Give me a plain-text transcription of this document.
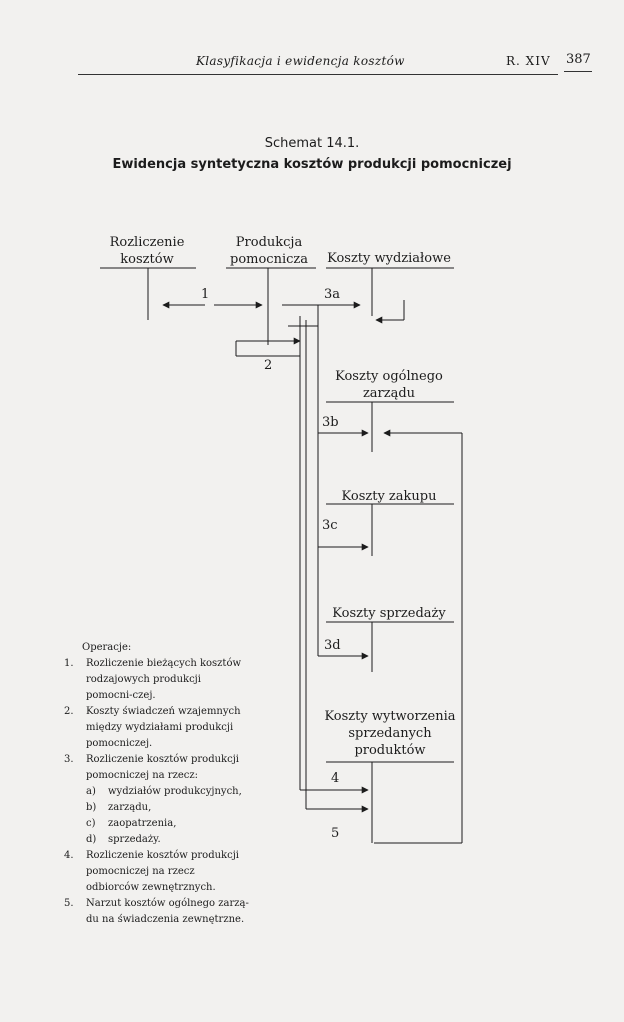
Klasyfikacja i ewidencja kosztów	R. XIV 387
Schemat 14.1.
Ewidencja syntetyczna kosztów produkcji pomocniczej
Rozliczenie
kosztów
Produkcja
pomocnicza	Koszty wydziałowe
Koszty ogólnego
zarządu
Koszty zakupu
Koszty sprzedaży
Koszty wytworzenia
sprzedanych
produktów
1
2
3a
3b
3c
3d
4
5
Operacje:
1. Rozliczenie bieżących kosztów rodzajowych produkcji pomocni-czej.
2. Koszty świadczeń wzajemnych między wydziałami produkcji pomocniczej.
3. Rozliczenie kosztów produkcji pomocniczej na rzecz:
a) wydziałów produkcyjnych,
b) zarządu,
c) zaopatrzenia,
d) sprzedaży.
4. Rozliczenie kosztów produkcji pomocniczej na rzecz odbiorców zewnętrznych.
5. Narzut kosztów ogólnego zarzą-du na świadczenia zewnętrzne.
